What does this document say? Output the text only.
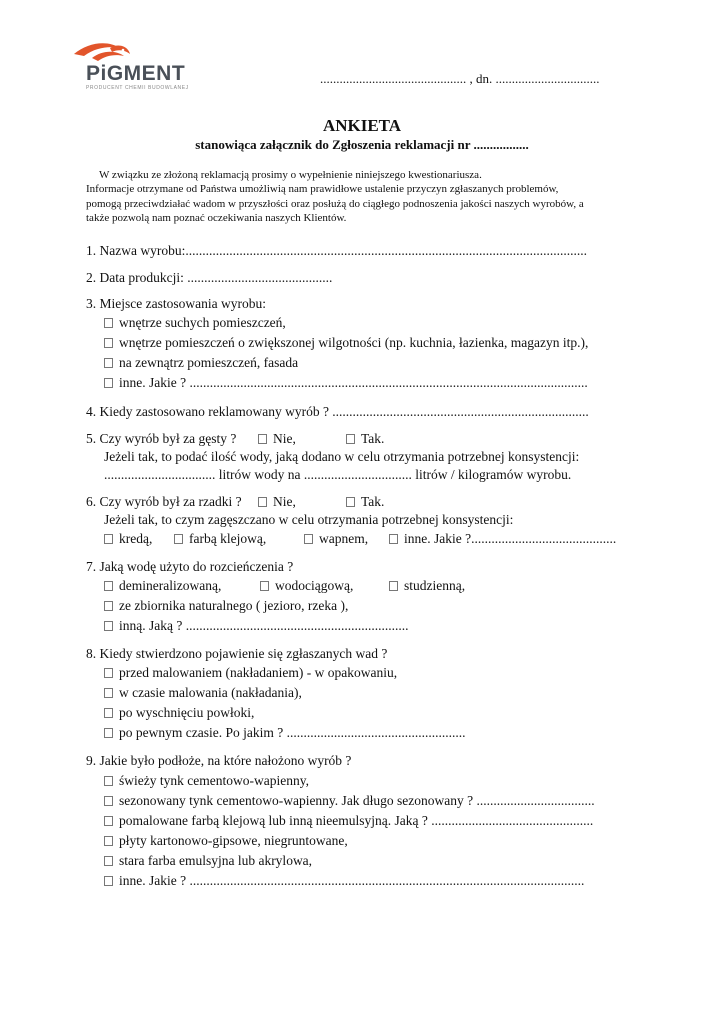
PiGMENT
PRODUCENT CHEMII BUDOWLANEJ
............................................. , dn. ................................
ANKIETA
stanowiąca załącznik do Zgłoszenia reklamacji nr .................
W związku ze złożoną reklamacją prosimy o wypełnienie niniejszego kwestionariusza.
Informacje otrzymane od Państwa umożliwią nam prawidłowe ustalenie przyczyn zgłaszanych problemów,
pomogą przeciwdziałać wadom w przyszłości oraz posłużą do ciągłego podnoszenia jakości naszych wyrobów, a
także pozwolą nam poznać oczekiwania naszych Klientów.
1. Nazwa wyrobu:.......................................................................................................................
2. Data produkcji: ...........................................
3. Miejsce zastosowania wyrobu:
wnętrze suchych pomieszczeń,
wnętrze pomieszczeń o zwiększonej wilgotności (np. kuchnia, łazienka, magazyn itp.),
na zewnątrz pomieszczeń, fasada
inne. Jakie ? ......................................................................................................................
4. Kiedy zastosowano reklamowany wyrób ? ............................................................................
5. Czy wyrób był za gęsty ?	Nie,	Tak.
Jeżeli tak, to podać ilość wody, jaką dodano w celu otrzymania potrzebnej konsystencji:
................................. litrów wody na ................................ litrów / kilogramów wyrobu.
6. Czy wyrób był za rzadki ?	Nie,	Tak.
Jeżeli tak, to czym zagęszczano w celu otrzymania potrzebnej konsystencji:
kredą,	farbą klejową,	wapnem,	inne. Jakie ?...........................................
7. Jaką wodę użyto do rozcieńczenia ?
demineralizowaną,	wodociągową,	studzienną,
ze zbiornika naturalnego ( jezioro, rzeka ),
inną. Jaką ? ..................................................................
8. Kiedy stwierdzono pojawienie się zgłaszanych wad ?
przed malowaniem (nakładaniem) - w opakowaniu,
w czasie malowania (nakładania),
po wyschnięciu powłoki,
po pewnym czasie. Po jakim ? .....................................................
9. Jakie było podłoże, na które nałożono wyrób ?
świeży tynk cementowo-wapienny,
sezonowany tynk cementowo-wapienny. Jak długo sezonowany ? ...................................
pomalowane farbą klejową lub inną nieemulsyjną. Jaką ? ................................................
płyty kartonowo-gipsowe, niegruntowane,
stara farba emulsyjna lub akrylowa,
inne. Jakie ? .....................................................................................................................
